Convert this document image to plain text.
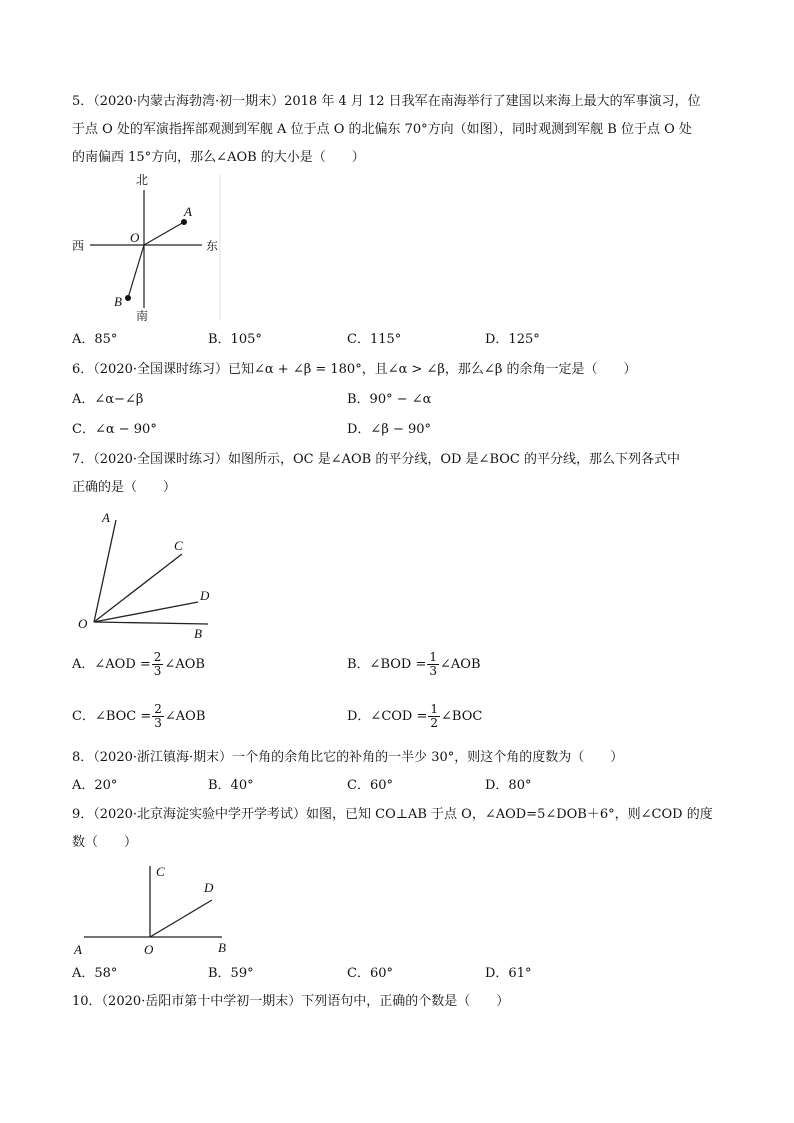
5．（2020·内蒙古海勃湾·初一期末）2018 年 4 月 12 日我军在南海举行了建国以来海上最大的军事演习，位
于点 O 处的军演指挥部观测到军舰 A 位于点 O 的北偏东 70°方向（如图），同时观测到军舰 B 位于点 O 处
的南偏西 15°方向，那么∠AOB 的大小是（　　）
北
南
东
西
O
A
B
A．85°	B．105°	C．115°	D．125°
6．（2020·全国课时练习）已知∠α + ∠β = 180°，且∠α > ∠β，那么∠β 的余角一定是（　　）
A．∠α−∠β	B．90° − ∠α
C．∠α − 90°	D．∠β − 90°
7．（2020·全国课时练习）如图所示，OC 是∠AOB 的平分线，OD 是∠BOC 的平分线，那么下列各式中
正确的是（　　）
A
C
D
O
B
A．∠AOD = $\frac{2}{3}$ ∠AOB	B．∠BOD = $\frac{1}{3}$ ∠AOB
C．∠BOC = $\frac{2}{3}$ ∠AOB	D．∠COD = $\frac{1}{2}$ ∠BOC
8．（2020·浙江镇海·期末）一个角的余角比它的补角的一半少 30°，则这个角的度数为（　　）
A．20°	B．40°	C．60°	D．80°
9．（2020·北京海淀实验中学开学考试）如图，已知 CO⊥AB 于点 O，∠AOD=5∠DOB＋6°，则∠COD 的度
数（　　）
C
D
A	O	B
A．58°	B．59°	C．60°	D．61°
10．（2020·岳阳市第十中学初一期末）下列语句中，正确的个数是（　　）
